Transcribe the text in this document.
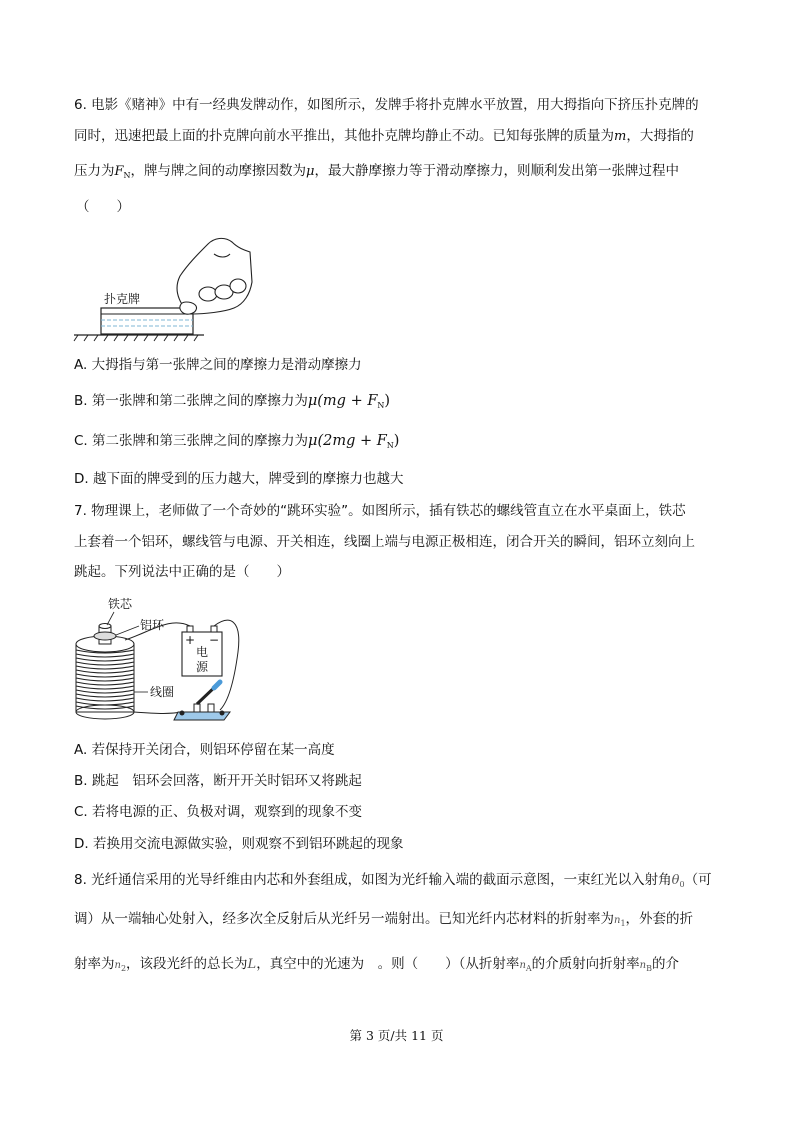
6. 电影《赌神》中有一经典发牌动作，如图所示，发牌手将扑克牌水平放置，用大拇指向下挤压扑克牌的
同时，迅速把最上面的扑克牌向前水平推出，其他扑克牌均静止不动。已知每张牌的质量为m，大拇指的
压力为$F_N$，牌与牌之间的动摩擦因数为μ，最大静摩擦力等于滑动摩擦力，则顺利发出第一张牌过程中
（　　）
扑克牌
A. 大拇指与第一张牌之间的摩擦力是滑动摩擦力
B. 第一张牌和第二张牌之间的摩擦力为$\mu(mg + F_N)$
C. 第二张牌和第三张牌之间的摩擦力为$\mu(2mg + F_N)$
D. 越下面的牌受到的压力越大，牌受到的摩擦力也越大
7. 物理课上，老师做了一个奇妙的“跳环实验”。如图所示，插有铁芯的螺线管直立在水平桌面上，铁芯
上套着一个铝环，螺线管与电源、开关相连，线圈上端与电源正极相连，闭合开关的瞬间，铝环立刻向上
跳起。下列说法中正确的是（　　）
铁芯
铝环
线圈
+ −
电
源
A. 若保持开关闭合，则铝环停留在某一高度
B. 跳起　铝环会回落，断开开关时铝环又将跳起
C. 若将电源的正、负极对调，观察到的现象不变
D. 若换用交流电源做实验，则观察不到铝环跳起的现象
8. 光纤通信采用的光导纤维由内芯和外套组成，如图为光纤输入端的截面示意图，一束红光以入射角$\theta_0$（可
调）从一端轴心处射入，经多次全反射后从光纤另一端射出。已知光纤内芯材料的折射率为$n_1$，外套的折
射率为$n_2$，该段光纤的总长为L，真空中的光速为　。则（　　）（从折射率$n_A$的介质射向折射率$n_B$的介
第 3 页/共 11 页
